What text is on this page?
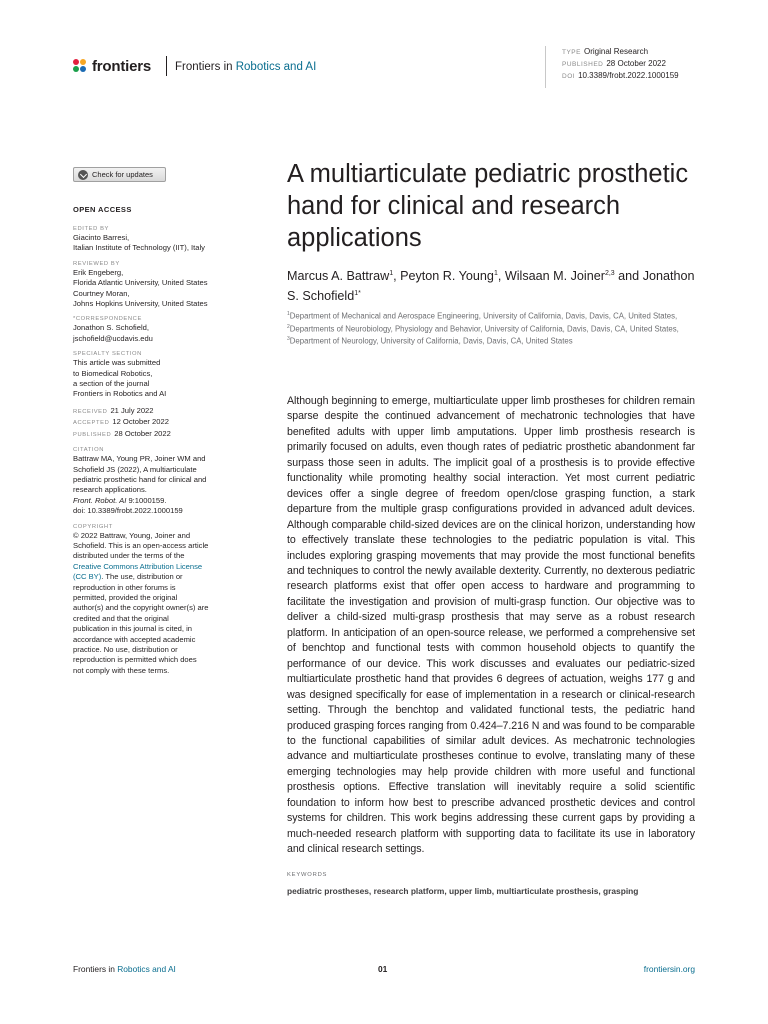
frontiers Frontiers in Robotics and AI
TYPE Original Research
PUBLISHED 28 October 2022
DOI 10.3389/frobt.2022.1000159
Check for updates
OPEN ACCESS
EDITED BY
Giacinto Barresi,
Italian Institute of Technology (IIT), Italy
REVIEWED BY
Erik Engeberg,
Florida Atlantic University, United States
Courtney Moran,
Johns Hopkins University, United States
*CORRESPONDENCE
Jonathon S. Schofield,
jschofield@ucdavis.edu
SPECIALTY SECTION
This article was submitted
to Biomedical Robotics,
a section of the journal
Frontiers in Robotics and AI
RECEIVED 21 July 2022
ACCEPTED 12 October 2022
PUBLISHED 28 October 2022
CITATION
Battraw MA, Young PR, Joiner WM and
Schofield JS (2022), A multiarticulate
pediatric prosthetic hand for clinical and
research applications.
Front. Robot. AI 9:1000159.
doi: 10.3389/frobt.2022.1000159
COPYRIGHT
© 2022 Battraw, Young, Joiner and
Schofield. This is an open-access article
distributed under the terms of the
Creative Commons Attribution License
(CC BY). The use, distribution or
reproduction in other forums is
permitted, provided the original
author(s) and the copyright owner(s) are
credited and that the original
publication in this journal is cited, in
accordance with accepted academic
practice. No use, distribution or
reproduction is permitted which does
not comply with these terms.
A multiarticulate pediatric prosthetic hand for clinical and research applications
Marcus A. Battraw$^1$, Peyton R. Young$^1$, Wilsaan M. Joiner$^{2,3}$ and Jonathon S. Schofield$^{1*}$
$^1$Department of Mechanical and Aerospace Engineering, University of California, Davis, Davis, CA, United States, $^2$Departments of Neurobiology, Physiology and Behavior, University of California, Davis, Davis, CA, United States, $^3$Department of Neurology, University of California, Davis, Davis, CA, United States

Although beginning to emerge, multiarticulate upper limb prostheses for children remain sparse despite the continued advancement of mechatronic technologies that have benefited adults with upper limb amputations. Upper limb prosthesis research is primarily focused on adults, even though rates of pediatric prosthetic abandonment far surpass those seen in adults. The implicit goal of a prosthesis is to provide effective functionality while promoting healthy social interaction. Yet most current pediatric devices offer a single degree of freedom open/close grasping function, a stark departure from the multiple grasp configurations provided in advanced adult devices. Although comparable child-sized devices are on the clinical horizon, understanding how to effectively translate these technologies to the pediatric population is vital. This includes exploring grasping movements that may provide the most functional benefits and techniques to control the newly available dexterity. Currently, no dexterous pediatric research platforms exist that offer open access to hardware and programming to facilitate the investigation and provision of multi-grasp function. Our objective was to deliver a child-sized multi-grasp prosthesis that may serve as a robust research platform. In anticipation of an open-source release, we performed a comprehensive set of benchtop and functional tests with common household objects to quantify the performance of our device. This work discusses and evaluates our pediatric-sized multiarticulate prosthetic hand that provides 6 degrees of actuation, weighs 177 g and was designed specifically for ease of implementation in a research or clinical-research setting. Through the benchtop and validated functional tests, the pediatric hand produced grasping forces ranging from 0.424–7.216 N and was found to be comparable to the functional capabilities of similar adult devices. As mechatronic technologies advance and multiarticulate prostheses continue to evolve, translating many of these emerging technologies may help provide children with more useful and functional prosthesis options. Effective translation will inevitably require a solid scientific foundation to inform how best to prescribe advanced prosthetic devices and control systems for children. This work begins addressing these current gaps by providing a much-needed research platform with supporting data to facilitate its use in laboratory and clinical research settings.

KEYWORDS
pediatric prostheses, research platform, upper limb, multiarticulate prosthesis, grasping
Frontiers in Robotics and AI	01	frontiersin.org
